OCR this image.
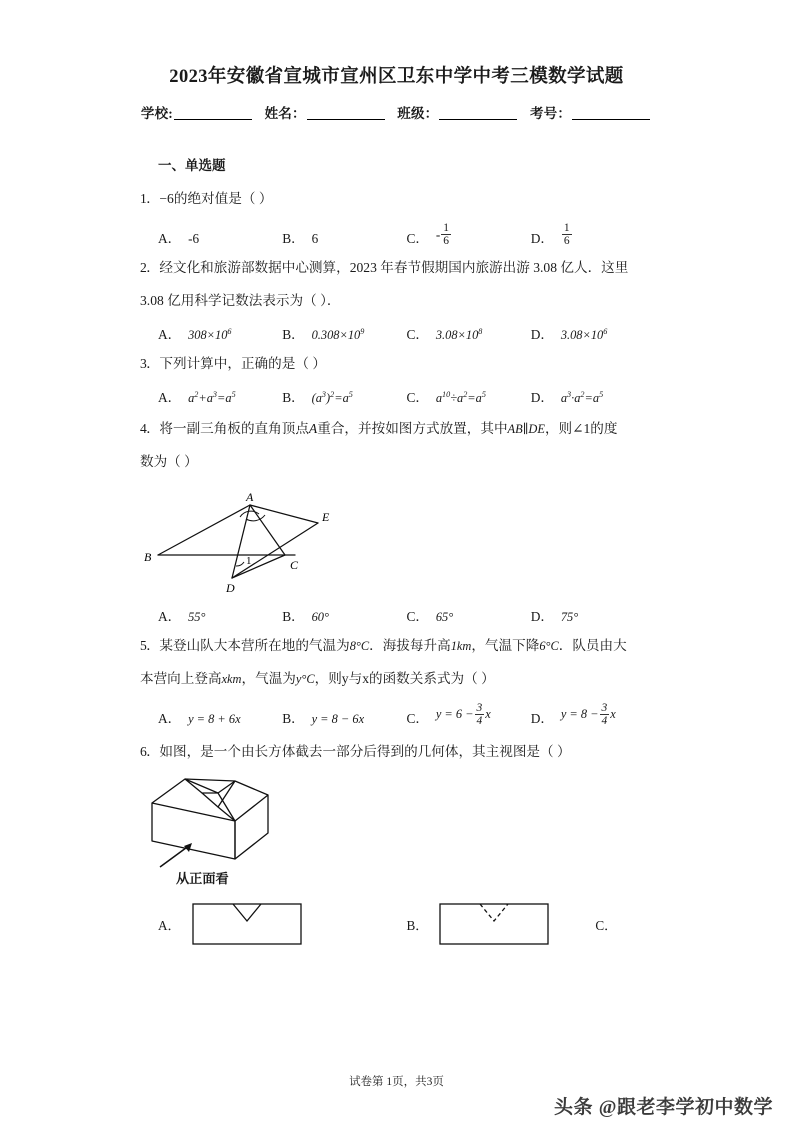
2023年安徽省宣城市宣州区卫东中学中考三模数学试题
学校:	姓名：	班级：	考号：
一、单选题
1．−6的绝对值是（ ）
A． -6	B． 6	C． - $\frac{1}{6}$	D． $\frac{1}{6}$
2．经文化和旅游部数据中心测算，2023 年春节假期国内旅游出游 3.08 亿人．这里
3.08 亿用科学记数法表示为（ ）．
A． $308\times 10^6$	B． $0.308\times 10^9$	C． $3.08\times 10^8$	D． $3.08\times 10^6$
3．下列计算中，正确的是（ ）
A． $a^2+a^3=a^5$	B． $(a^3)^2=a^5$	C． $a^{10}\div a^2=a^5$	D． $a^3\cdot a^2=a^5$
4．将一副三角板的直角顶点A重合，并按如图方式放置，其中AB∥DE，则∠1的度
数为（ ）
A
B
C
D
E
1
A． 55°	B． 60°	C． 65°	D． 75°
5．某登山队大本营所在地的气温为8°C．海拔每升高1km，气温下降6°C．队员由大
本营向上登高xkm，气温为y°C，则y与x的函数关系式为（ ）
A． y = 8 + 6x	B． y = 8 − 6x	C． $y = 6 - \frac{3}{4}$ x	D． $y = 8 - \frac{3}{4}$ x
6．如图，是一个由长方体截去一部分后得到的几何体，其主视图是（ ）
从正面看
A．	B．	C．
试卷第 1页，共3页
头条 @跟老李学初中数学
